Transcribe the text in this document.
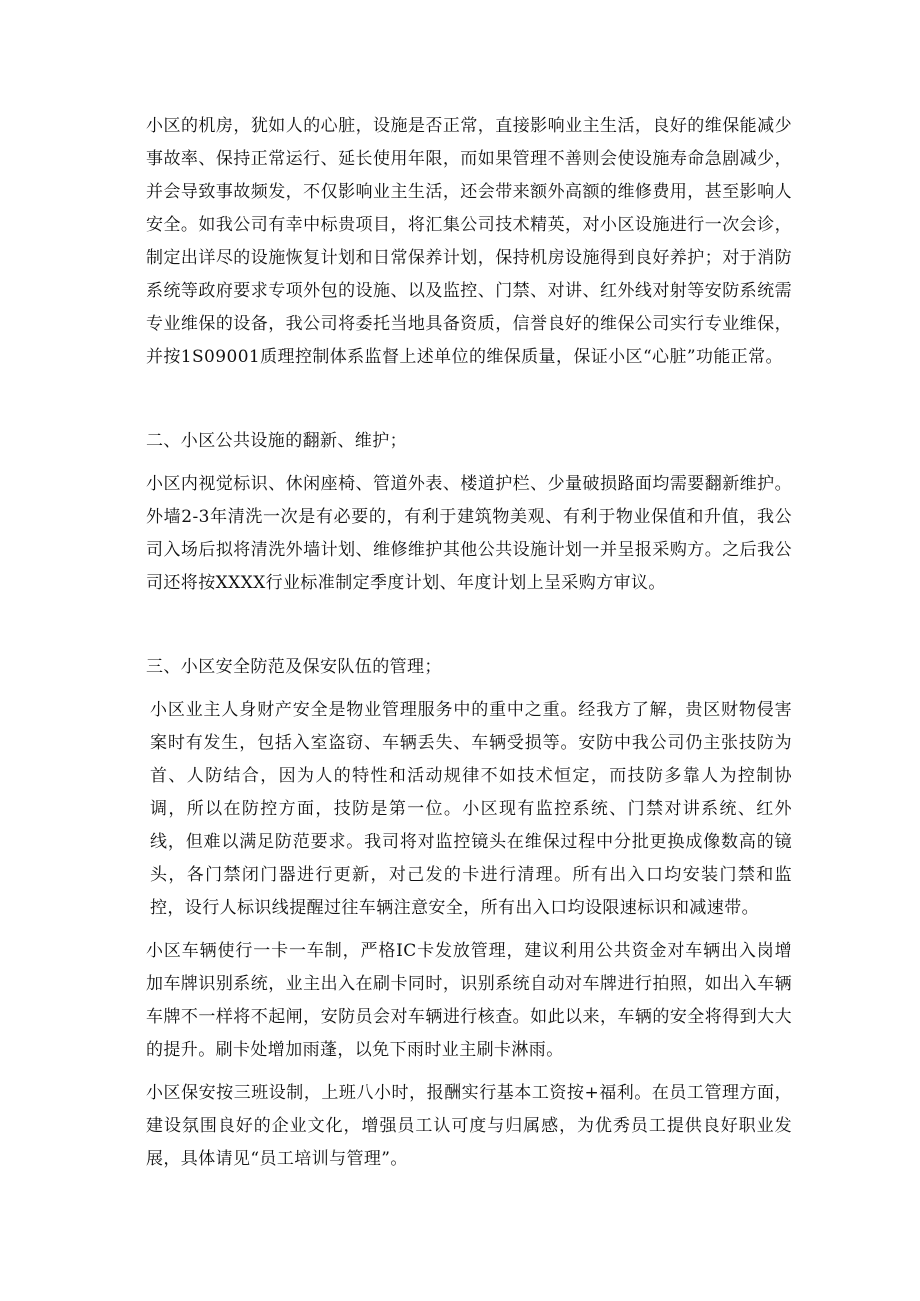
小区的机房，犹如人的心脏，设施是否正常，直接影响业主生活，良好的维保能减少事故率、保持正常运行、延长使用年限，而如果管理不善则会使设施寿命急剧减少，并会导致事故频发，不仅影响业主生活，还会带来额外高额的维修费用，甚至影响人安全。如我公司有幸中标贵项目，将汇集公司技术精英，对小区设施进行一次会诊，制定出详尽的设施恢复计划和日常保养计划，保持机房设施得到良好养护；对于消防系统等政府要求专项外包的设施、以及监控、门禁、对讲、红外线对射等安防系统需专业维保的设备，我公司将委托当地具备资质，信誉良好的维保公司实行专业维保，并按1S09001质理控制体系监督上述单位的维保质量，保证小区“心脏”功能正常。

二、小区公共设施的翻新、维护；

小区内视觉标识、休闲座椅、管道外表、楼道护栏、少量破损路面均需要翻新维护。外墙2-3年清洗一次是有必要的，有利于建筑物美观、有利于物业保值和升值，我公司入场后拟将清洗外墙计划、维修维护其他公共设施计划一并呈报采购方。之后我公司还将按XXXX行业标准制定季度计划、年度计划上呈采购方审议。

三、小区安全防范及保安队伍的管理；

小区业主人身财产安全是物业管理服务中的重中之重。经我方了解，贵区财物侵害案时有发生，包括入室盗窃、车辆丢失、车辆受损等。安防中我公司仍主张技防为首、人防结合，因为人的特性和活动规律不如技术恒定，而技防多靠人为控制协调，所以在防控方面，技防是第一位。小区现有监控系统、门禁对讲系统、红外线，但难以满足防范要求。我司将对监控镜头在维保过程中分批更换成像数高的镜头，各门禁闭门器进行更新，对己发的卡进行清理。所有出入口均安装门禁和监控，设行人标识线提醒过往车辆注意安全，所有出入口均设限速标识和减速带。

小区车辆使行一卡一车制，严格IC卡发放管理，建议利用公共资金对车辆出入岗增加车牌识别系统，业主出入在刷卡同时，识别系统自动对车牌进行拍照，如出入车辆车牌不一样将不起闸，安防员会对车辆进行核查。如此以来，车辆的安全将得到大大的提升。刷卡处增加雨蓬，以免下雨时业主刷卡淋雨。

小区保安按三班设制，上班八小时，报酬实行基本工资按+福利。在员工管理方面，建设氛围良好的企业文化，增强员工认可度与归属感，为优秀员工提供良好职业发展，具体请见“员工培训与管理”。
